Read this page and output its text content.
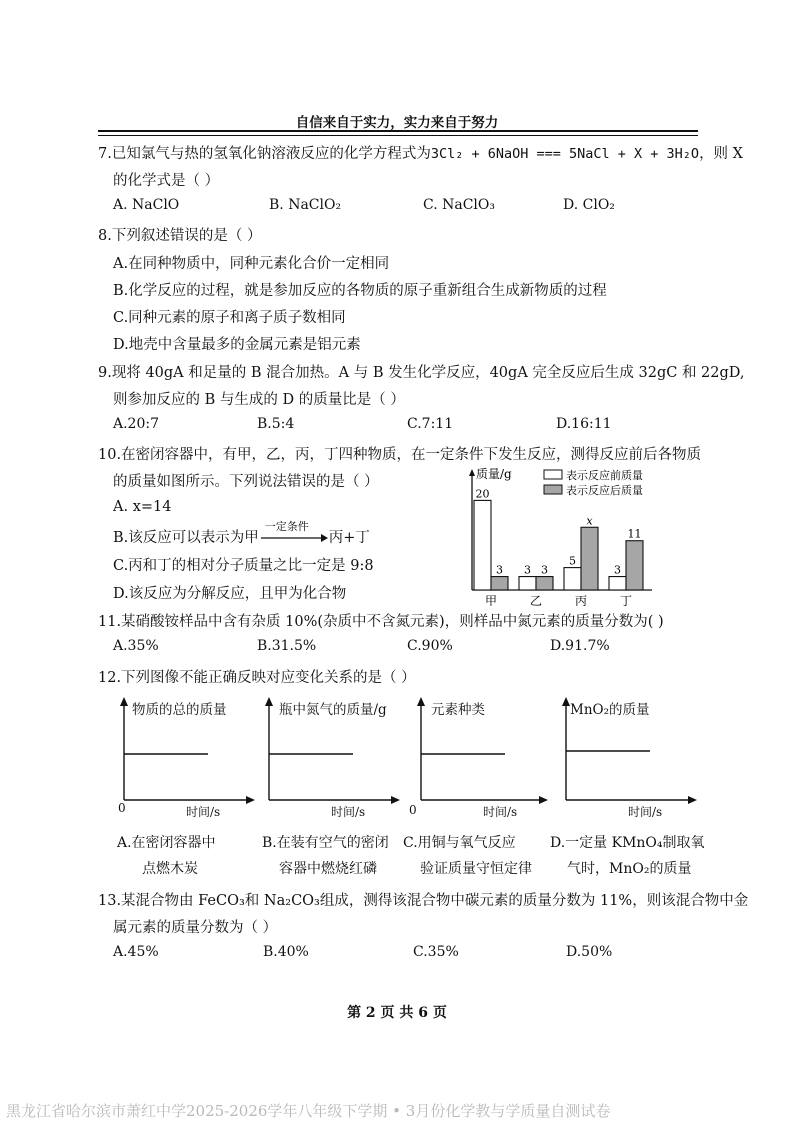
自信来自于实力，实力来自于努力
7.已知氯气与热的氢氧化钠溶液反应的化学方程式为3Cl₂ + 6NaOH === 5NaCl + X + 3H₂O，则 X
的化学式是（ ）
A. NaClO	B. NaClO₂	C. NaClO₃	D. ClO₂
8.下列叙述错误的是（ ）
A.在同种物质中，同种元素化合价一定相同
B.化学反应的过程，就是参加反应的各物质的原子重新组合生成新物质的过程
C.同种元素的原子和离子质子数相同
D.地壳中含量最多的金属元素是铝元素
9.现将 40gA 和足量的 B 混合加热。A 与 B 发生化学反应，40gA 完全反应后生成 32gC 和 22gD,
则参加反应的 B 与生成的 D 的质量比是（ ）
A.20:7	B.5:4	C.7:11	D.16:11
10.在密闭容器中，有甲，乙，丙，丁四种物质，在一定条件下发生反应，测得反应前后各物质
的质量如图所示。下列说法错误的是（ ）
A. x=14
B.该反应可以表示为甲
一定条件
丙+丁
C.丙和丁的相对分子质量之比一定是 9:8
D.该反应为分解反应，且甲为化合物
质量/g	表示反应前质量
表示反应后质量
20
3
甲
3 3
乙
5
x
丙
3
11
丁
11.某硝酸铵样品中含有杂质 10%(杂质中不含氮元素)，则样品中氮元素的质量分数为( )
A.35%	B.31.5%	C.90%	D.91.7%
12.下列图像不能正确反映对应变化关系的是（ ）
物质的总的质量
0	时间/s
瓶中氮气的质量/g
时间/s
元素种类
0	时间/s
MnO₂的质量
时间/s
A.在密闭容器中
点燃木炭
B.在装有空气的密闭
容器中燃烧红磷
C.用铜与氧气反应
验证质量守恒定律
D.一定量 KMnO₄制取氧
气时，MnO₂的质量
13.某混合物由 FeCO₃和 Na₂CO₃组成，测得该混合物中碳元素的质量分数为 11%，则该混合物中金
属元素的质量分数为（ ）
A.45%	B.40%	C.35%	D.50%
第 2 页 共 6 页
黑龙江省哈尔滨市萧红中学2025-2026学年八年级下学期 • 3月份化学教与学质量自测试卷
